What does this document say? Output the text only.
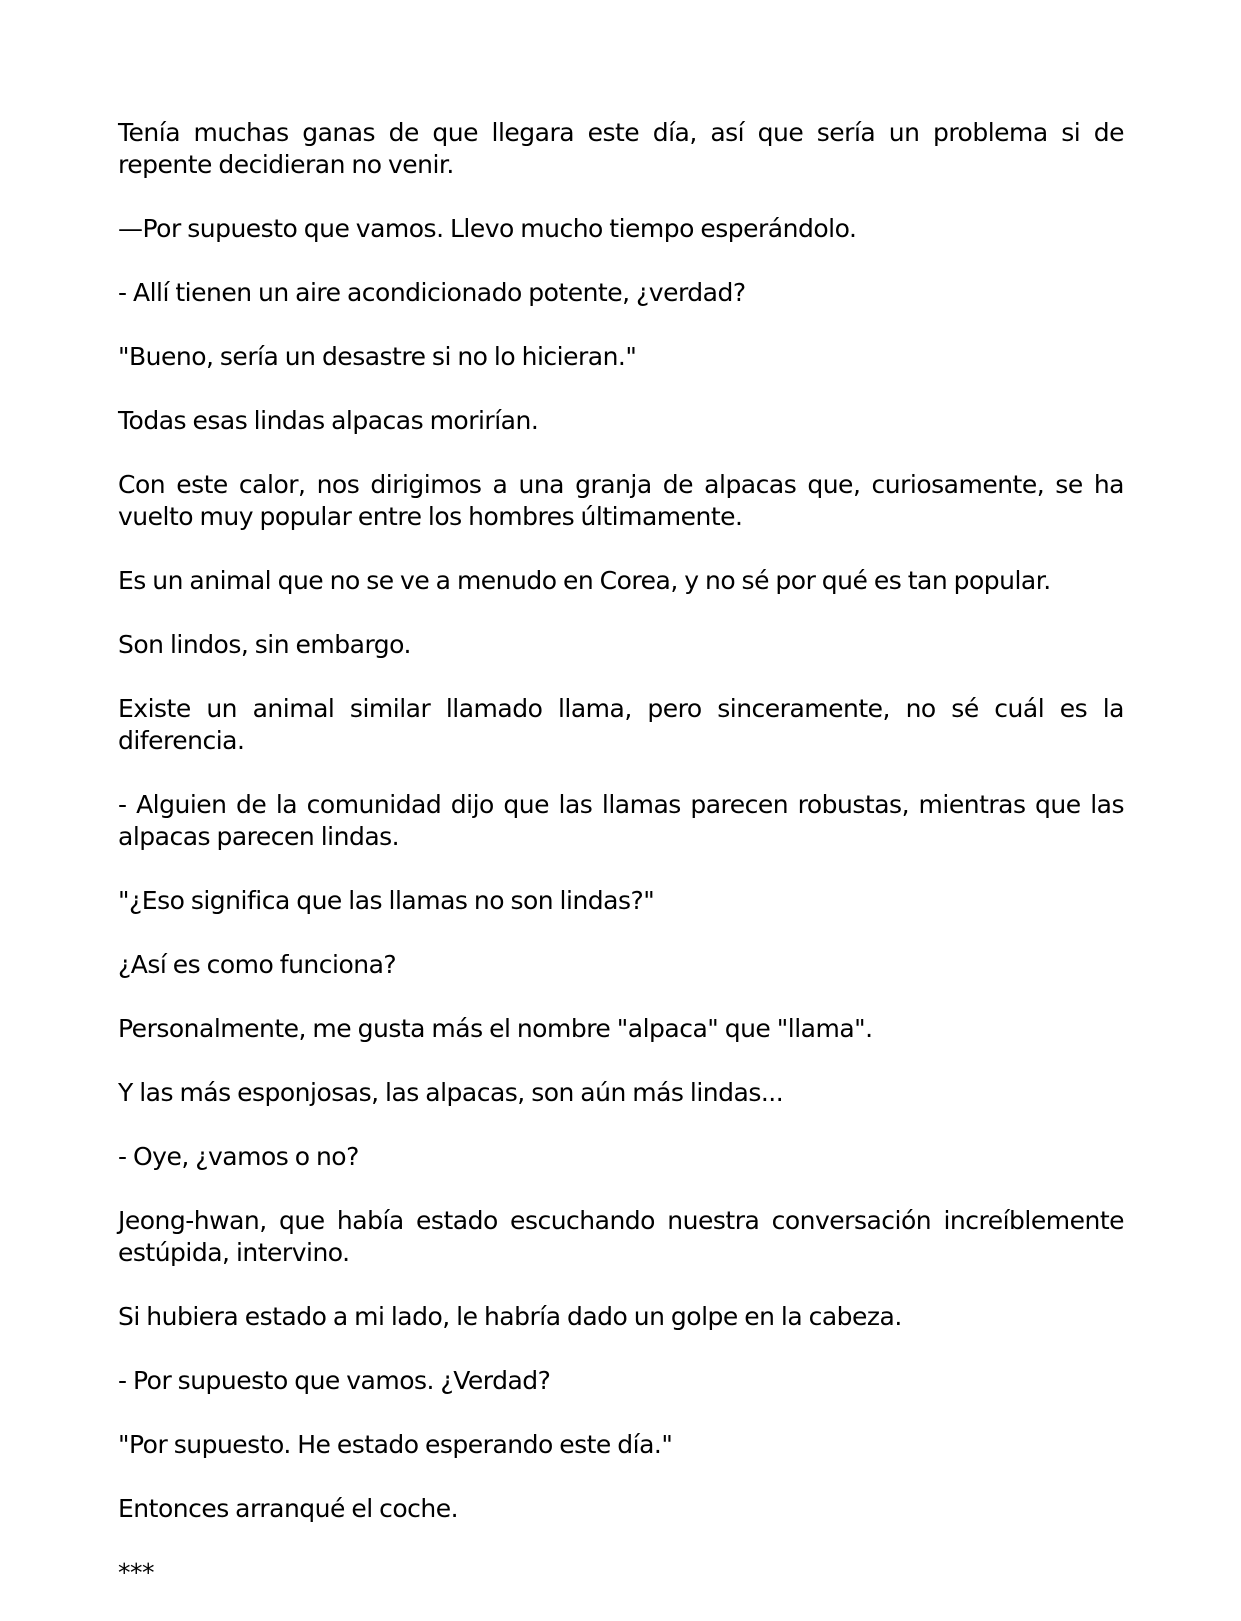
Tenía muchas ganas de que llegara este día, así que sería un problema si de repente decidieran no venir.

—Por supuesto que vamos. Llevo mucho tiempo esperándolo.

- Allí tienen un aire acondicionado potente, ¿verdad?

"Bueno, sería un desastre si no lo hicieran."

Todas esas lindas alpacas morirían.

Con este calor, nos dirigimos a una granja de alpacas que, curiosamente, se ha vuelto muy popular entre los hombres últimamente.

Es un animal que no se ve a menudo en Corea, y no sé por qué es tan popular.

Son lindos, sin embargo.

Existe un animal similar llamado llama, pero sinceramente, no sé cuál es la diferencia.

- Alguien de la comunidad dijo que las llamas parecen robustas, mientras que las alpacas parecen lindas.

"¿Eso significa que las llamas no son lindas?"

¿Así es como funciona?

Personalmente, me gusta más el nombre "alpaca" que "llama".

Y las más esponjosas, las alpacas, son aún más lindas...

- Oye, ¿vamos o no?

Jeong-hwan, que había estado escuchando nuestra conversación increíblemente estúpida, intervino.

Si hubiera estado a mi lado, le habría dado un golpe en la cabeza.

- Por supuesto que vamos. ¿Verdad?

"Por supuesto. He estado esperando este día."

Entonces arranqué el coche.

***
